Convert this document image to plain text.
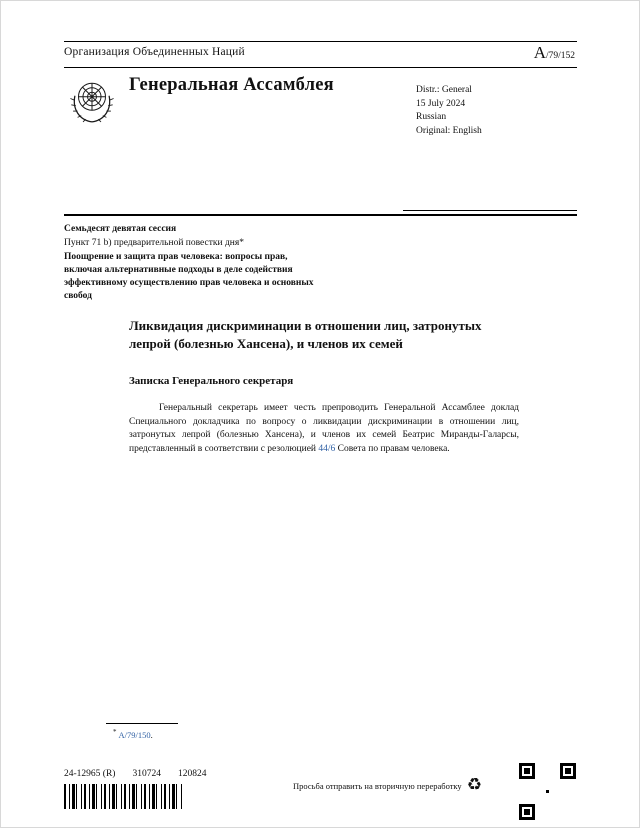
Организация Объединенных Наций	A/79/152
Генеральная Ассамблея	Distr.: General
15 July 2024
Russian
Original: English
Семьдесят девятая сессия
Пункт 71 b) предварительной повестки дня*
Поощрение и защита прав человека: вопросы прав, включая альтернативные подходы в деле содействия эффективному осуществлению прав человека и основных свобод
Ликвидация дискриминации в отношении лиц, затронутых лепрой (болезнью Хансена), и членов их семей
Записка Генерального секретаря

Генеральный секретарь имеет честь препроводить Генеральной Ассамблее доклад Специального докладчика по вопросу о ликвидации дискриминации в отношении лиц, затронутых лепрой (болезнью Хансена), и членов их семей Беатрис Миранды-Галарсы, представленный в соответствии с резолюцией 44/6 Совета по правам человека.

* A/79/150.
24-12965 (R) 310724 120824
Просьба отправить на вторичную переработку ♻
